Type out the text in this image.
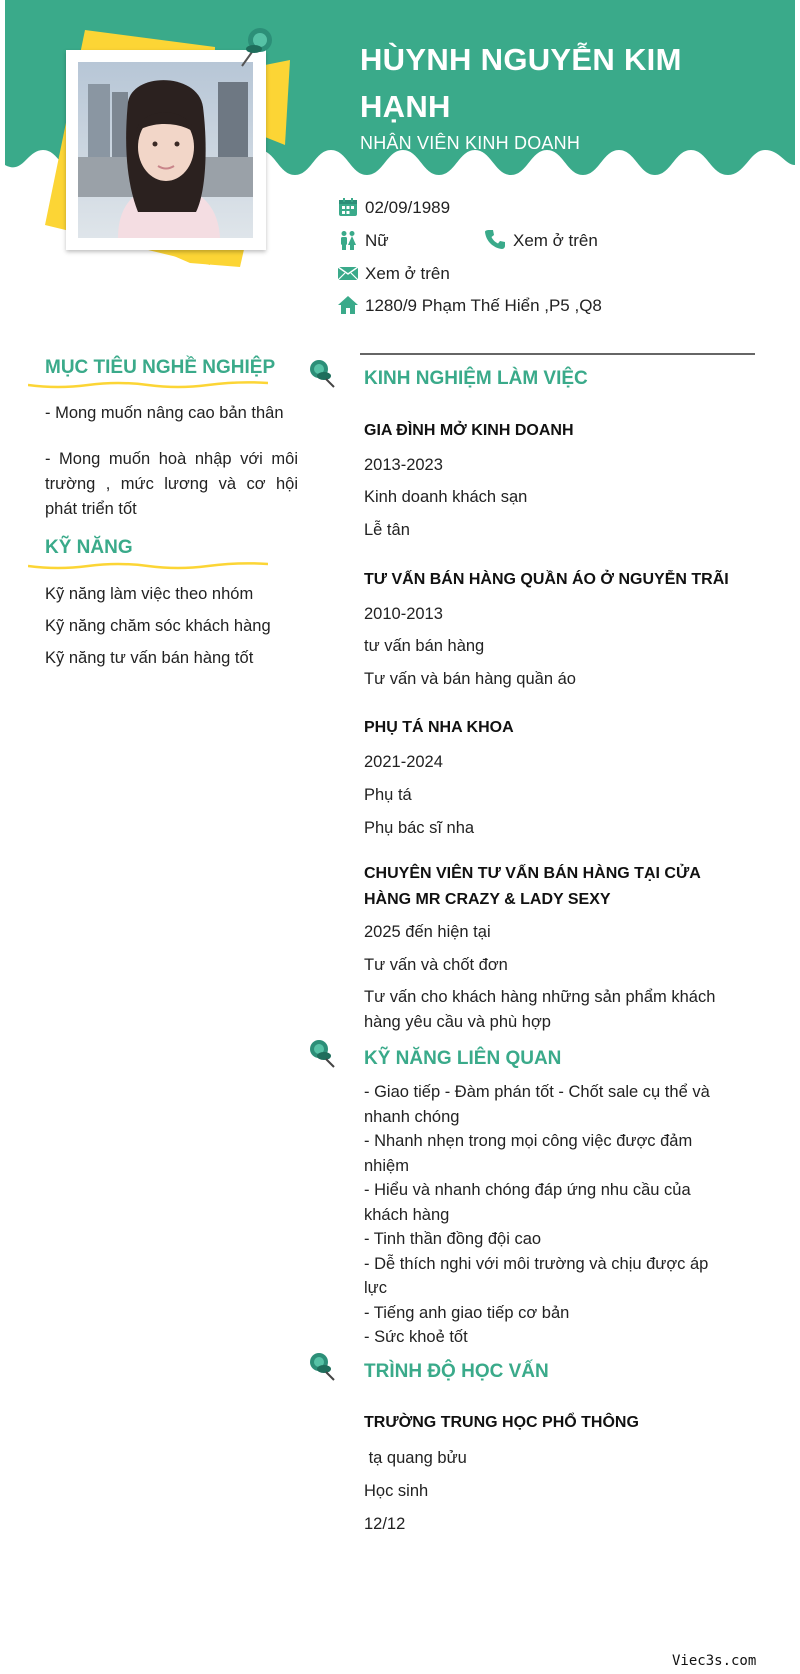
HÙYNH NGUYỄN KIM HẠNH
NHÂN VIÊN KINH DOANH
02/09/1989
Nữ	Xem ở trên
Xem ở trên
1280/9 Phạm Thế Hiển ,P5 ,Q8
MỤC TIÊU NGHỀ NGHIỆP
- Mong muốn nâng cao bản thân
- Mong muốn hoà nhập với môi trường , mức lương và cơ hội phát triển tốt
KỸ NĂNG
Kỹ năng làm việc theo nhóm
Kỹ năng chăm sóc khách hàng
Kỹ năng tư vấn bán hàng tốt
KINH NGHIỆM LÀM VIỆC
GIA ĐÌNH MỞ KINH DOANH
2013-2023
Kinh doanh khách sạn
Lễ tân
TƯ VẤN BÁN HÀNG QUẦN ÁO Ở NGUYỄN TRÃI
2010-2013
tư vấn bán hàng
Tư vấn và bán hàng quần áo
PHỤ TÁ NHA KHOA
2021-2024
Phụ tá
Phụ bác sĩ nha
CHUYÊN VIÊN TƯ VẤN BÁN HÀNG TẠI CỬA HÀNG MR CRAZY & LADY SEXY
2025 đến hiện tại
Tư vấn và chốt đơn
Tư vấn cho khách hàng những sản phẩm khách hàng yêu cầu và phù hợp
KỸ NĂNG LIÊN QUAN
- Giao tiếp - Đàm phán tốt - Chốt sale cụ thể và nhanh chóng
- Nhanh nhẹn trong mọi công việc được đảm nhiệm
- Hiểu và nhanh chóng đáp ứng nhu cầu của khách hàng
- Tinh thần đồng đội cao
- Dễ thích nghi với môi trường và chịu được áp lực
- Tiếng anh giao tiếp cơ bản
- Sức khoẻ tốt
TRÌNH ĐỘ HỌC VẤN
TRƯỜNG TRUNG HỌC PHỔ THÔNG
tạ quang bửu
Học sinh
12/12
Viec3s.com
